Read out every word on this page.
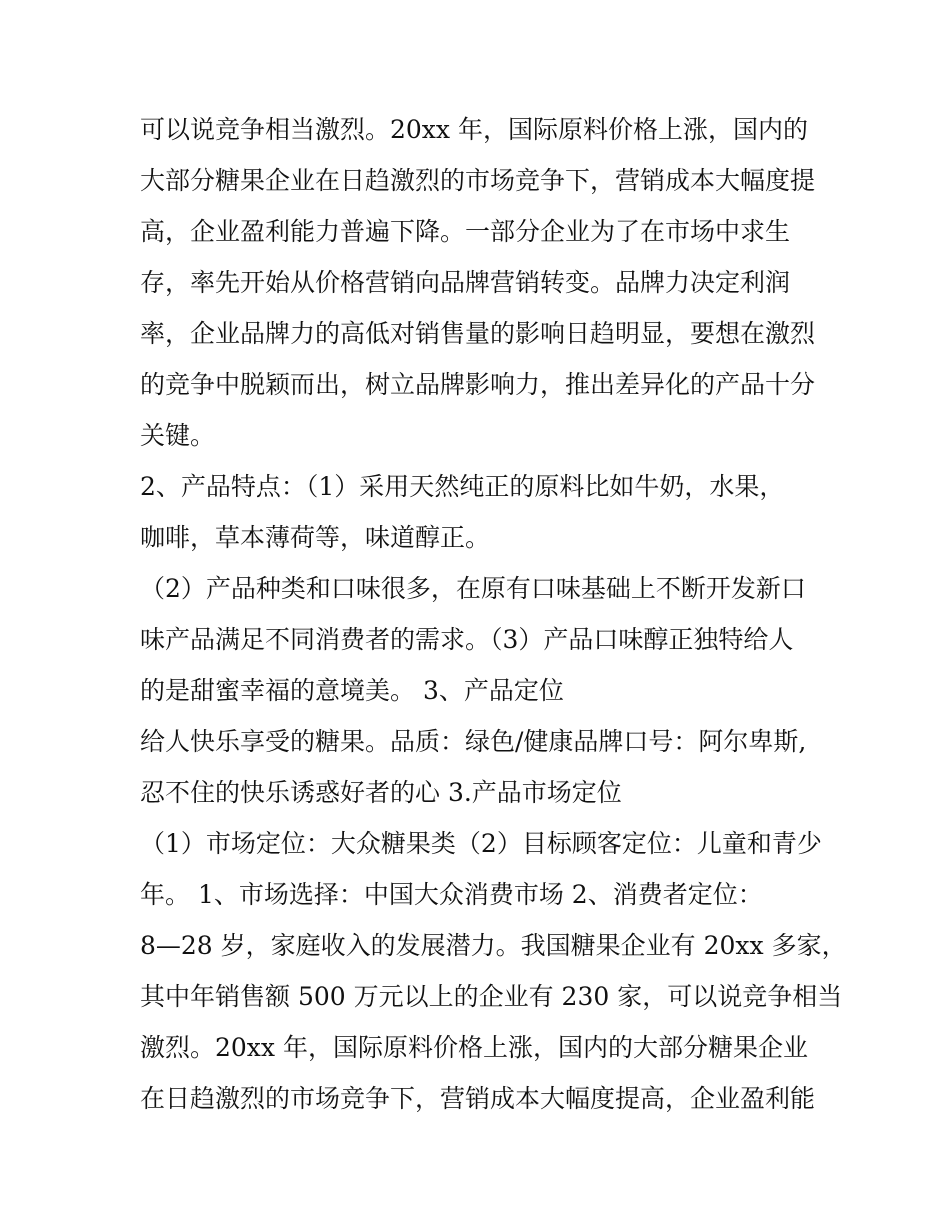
可以说竞争相当激烈。20xx 年，国际原料价格上涨，国内的
大部分糖果企业在日趋激烈的市场竞争下，营销成本大幅度提
高，企业盈利能力普遍下降。一部分企业为了在市场中求生
存，率先开始从价格营销向品牌营销转变。品牌力决定利润
率，企业品牌力的高低对销售量的影响日趋明显，要想在激烈
的竞争中脱颖而出，树立品牌影响力，推出差异化的产品十分
关键。
2、产品特点：（1）采用天然纯正的原料比如牛奶，水果，
咖啡，草本薄荷等，味道醇正。
（2）产品种类和口味很多，在原有口味基础上不断开发新口
味产品满足不同消费者的需求。（3）产品口味醇正独特给人
的是甜蜜幸福的意境美。 3、产品定位
给人快乐享受的糖果。品质：绿色/健康品牌口号：阿尔卑斯,
忍不住的快乐诱惑好者的心 3.产品市场定位
（1）市场定位：大众糖果类（2）目标顾客定位：儿童和青少
年。 1、市场选择：中国大众消费市场 2、消费者定位：
8—28 岁，家庭收入的发展潜力。我国糖果企业有 20xx 多家，
其中年销售额 500 万元以上的企业有 230 家，可以说竞争相当
激烈。20xx 年，国际原料价格上涨，国内的大部分糖果企业
在日趋激烈的市场竞争下，营销成本大幅度提高，企业盈利能
